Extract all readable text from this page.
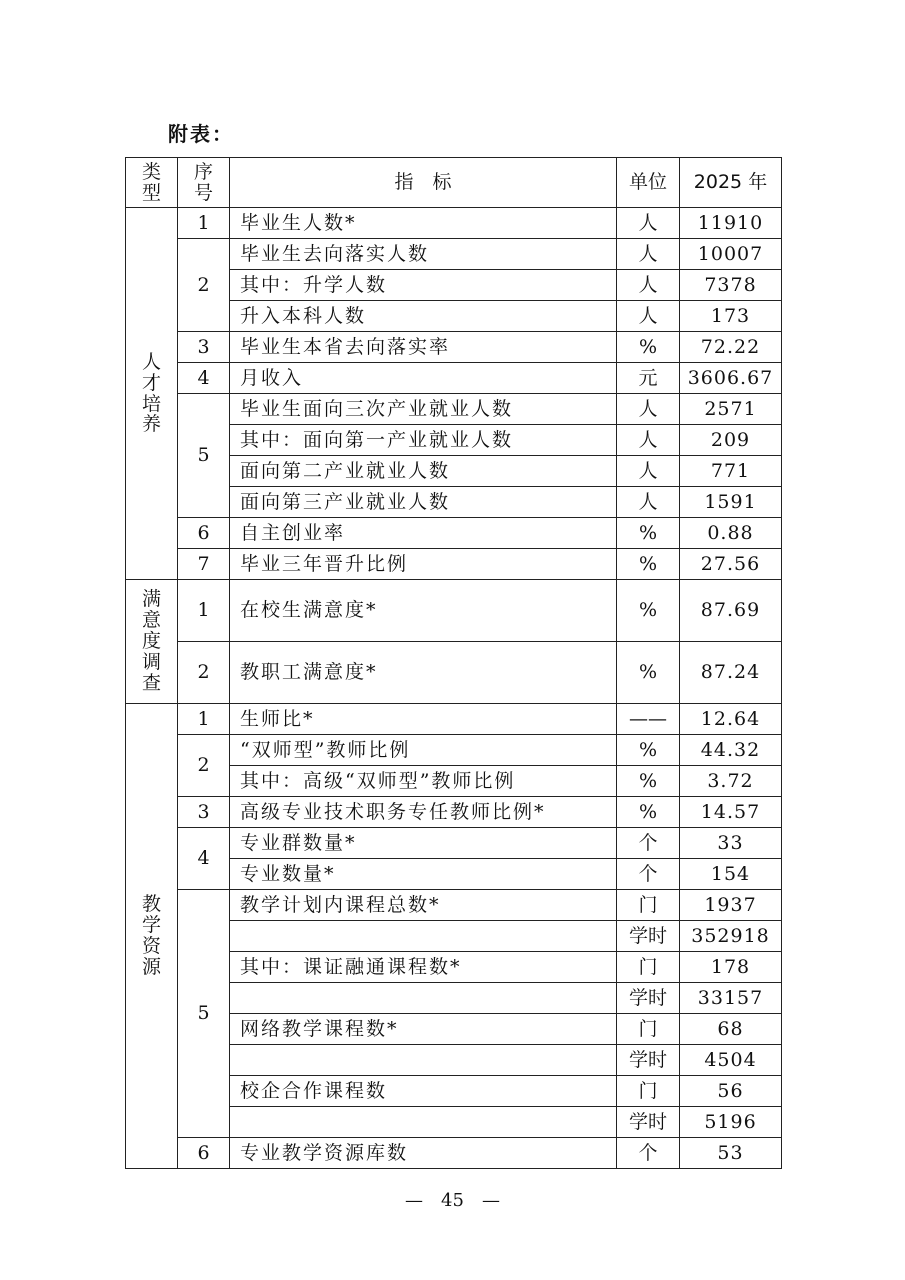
附表：
类型	序号	指　标	单位	2025 年
人才培养	1	毕业生人数*	人	11910
	2	毕业生去向落实人数	人	10007
		其中：升学人数	人	7378
		升入本科人数	人	173
	3	毕业生本省去向落实率	%	72.22
	4	月收入	元	3606.67
	5	毕业生面向三次产业就业人数	人	2571
		其中：面向第一产业就业人数	人	209
		面向第二产业就业人数	人	771
		面向第三产业就业人数	人	1591
	6	自主创业率	%	0.88
	7	毕业三年晋升比例	%	27.56
满意度调查	1	在校生满意度*	%	87.69
	2	教职工满意度*	%	87.24
教学资源	1	生师比*	——	12.64
	2	“双师型”教师比例	%	44.32
		其中：高级“双师型”教师比例	%	3.72
	3	高级专业技术职务专任教师比例*	%	14.57
	4	专业群数量*	个	33
		专业数量*	个	154
	5	教学计划内课程总数*	门	1937
			学时	352918
		其中：课证融通课程数*	门	178
			学时	33157
		网络教学课程数*	门	68
			学时	4504
		校企合作课程数	门	56
			学时	5196
	6	专业教学资源库数	个	53
—　45　—
